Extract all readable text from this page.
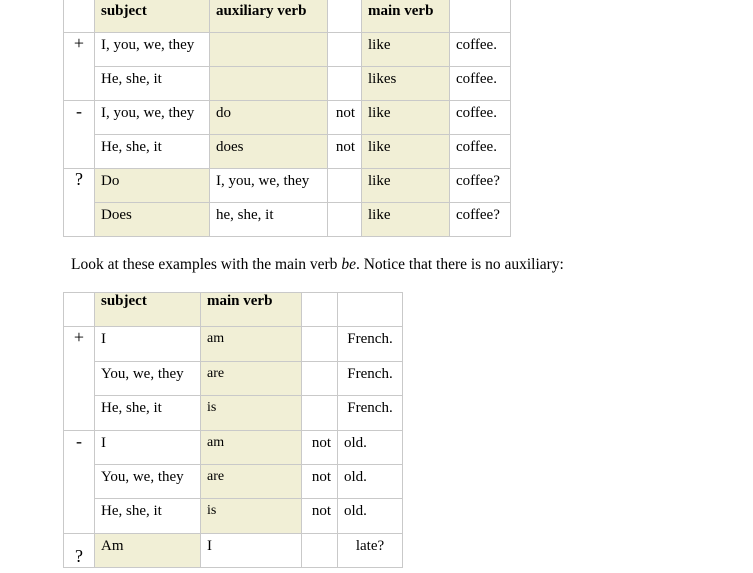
	subject	auxiliary verb		main verb	

+	I, you, we, they			like	coffee.

	He, she, it			likes	coffee.

-	I, you, we, they	do	not	like	coffee.

	He, she, it	does	not	like	coffee.

?	Do	I, you, we, they		like	coffee?

	Does	he, she, it		like	coffee?
Look at these examples with the main verb be. Notice that there is no auxiliary:
	subject	main verb		
+	I	am		French.

	You, we, they	are		French.

	He, she, it	is		French.

-	I	am	not	old.

	You, we, they	are	not	old.

	He, she, it	is	not	old.

?	Am	I		late?
